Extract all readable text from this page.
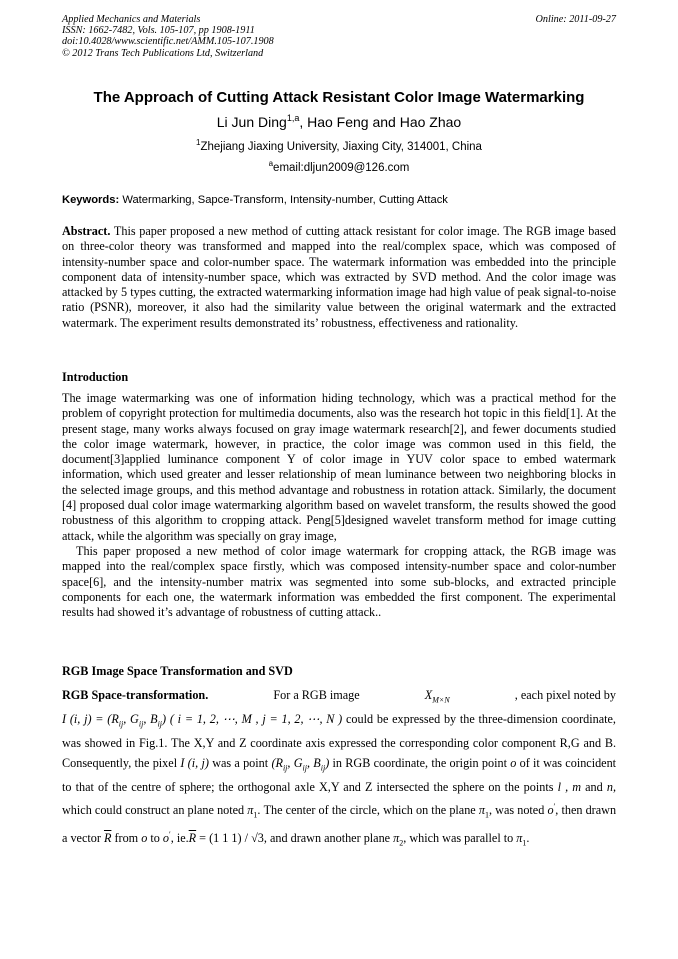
Applied Mechanics and Materials
ISSN: 1662-7482, Vols. 105-107, pp 1908-1911
doi:10.4028/www.scientific.net/AMM.105-107.1908
© 2012 Trans Tech Publications Ltd, Switzerland
Online: 2011-09-27
The Approach of Cutting Attack Resistant Color Image Watermarking
Li Jun Ding$^{1,a}$, Hao Feng and Hao Zhao
$^1$Zhejiang Jiaxing University, Jiaxing City, 314001, China
$^a$email:dljun2009@126.com
Keywords: Watermarking, Sapce-Transform, Intensity-number, Cutting Attack
Abstract. This paper proposed a new method of cutting attack resistant for color image. The RGB image based on three-color theory was transformed and mapped into the real/complex space, which was composed of intensity-number space and color-number space. The watermark information was embedded into the principle component data of intensity-number space, which was extracted by SVD method. And the color image was attacked by 5 types cutting, the extracted watermarking information image had high value of peak signal-to-noise ratio (PSNR), moreover, it also had the similarity value between the original watermark and the extracted watermark. The experiment results demonstrated its’ robustness, effectiveness and rationality.
Introduction
The image watermarking was one of information hiding technology, which was a practical method for the problem of copyright protection for multimedia documents, also was the research hot topic in this field[1]. At the present stage, many works always focused on gray image watermark research[2], and fewer documents studied the color image watermark, however, in practice, the color image was common used in this field, the document[3]applied luminance component Y of color image in YUV color space to embed watermark information, which used greater and lesser relationship of mean luminance between two neighboring blocks in the selected image groups, and this method advantage and robustness in rotation attack. Similarly, the document [4] proposed dual color image watermarking algorithm based on wavelet transform, the results showed the good robustness of this algorithm to cropping attack. Peng[5]designed wavelet transform method for image cutting attack, while the algorithm was specially on gray image,
This paper proposed a new method of color image watermark for cropping attack, the RGB image was mapped into the real/complex space firstly, which was composed intensity-number space and color-number space[6], and the intensity-number matrix was segmented into some sub-blocks, and extracted principle components for each one, the watermark information was embedded the first component. The experimental results had showed it’s advantage of robustness of cutting attack..
RGB Image Space Transformation and SVD
RGB Space-transformation.	For a RGB image	$X_{M\times N}$	, each pixel noted by
I (i, $j) = (R_{ij}$, $G_{ij}$, $B_{ij}$) ( i = 1, 2, ⋯, M , j = 1, 2, ⋯, N ) could be expressed by the three-dimension coordinate, was showed in Fig.1. The X,Y and Z coordinate axis expressed the corresponding color component R,G and B. Consequently, the pixel I (i, j) was a point ($R_{ij}$, $G_{ij}$, $B_{ij}$) in RGB coordinate, the origin point o of it was coincident to that of the centre of sphere; the orthogonal axle X,Y and Z intersected the sphere on the points l , m and n, which could construct an plane noted $\pi_1$. The center of the circle, which on the plane $\pi_1$, was noted o′, then drawn a vector $\overline{R}$ from o to o′, $ie.\overline{R} = (1$ 1 1) / √3, and drawn another plane $\pi_2$, which was parallel to $\pi_1$.
